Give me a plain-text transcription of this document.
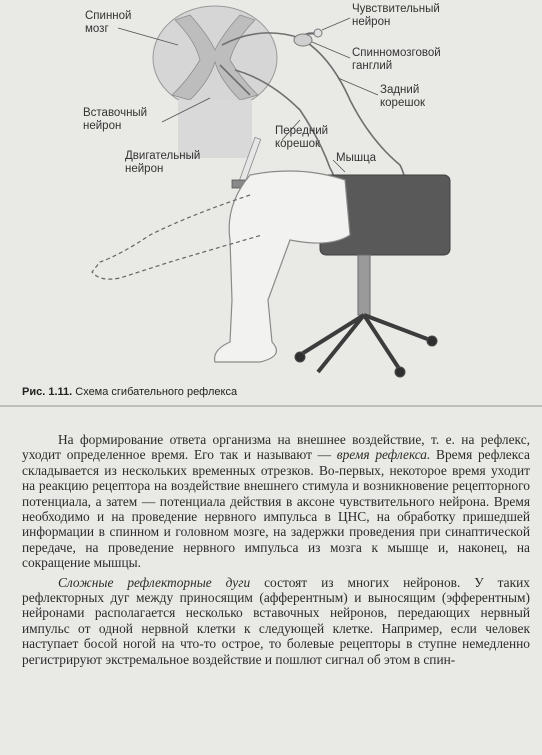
Спинной
мозг
Чувствительный
нейрон
Спинномозговой
ганглий
Задний
корешок
Вставочный
нейрон	Передний
корешок
Двигательный
нейрон
Мышца
Рис. 1.11. Схема сгибательного рефлекса

На формирование ответа организма на внешнее воздействие, т. е. на рефлекс, уходит определенное время. Его так и называют — время рефлекса. Время рефлекса складывается из нескольких временных отрезков. Во-первых, некоторое время уходит на реакцию рецептора на воздействие внешнего стимула и возникновение рецепторного потенциала, а затем — потенциала действия в аксоне чувствительного нейрона. Время необходимо и на проведение нервного импульса в ЦНС, на обработку пришедшей информации в спинном и головном мозге, на задержки проведения при синаптической передаче, на проведение нервного импульса из мозга к мышце и, наконец, на сокращение мышцы.

Сложные рефлекторные дуги состоят из многих нейронов. У таких рефлекторных дуг между приносящим (афферентным) и выносящим (эфферентным) нейронами располагается несколько вставочных нейронов, передающих нервный импульс от одной нервной клетки к следующей клетке. Например, если человек наступает босой ногой на что-то острое, то болевые рецепторы в ступне немедленно регистрируют экстремальное воздействие и пошлют сигнал об этом в спин-
